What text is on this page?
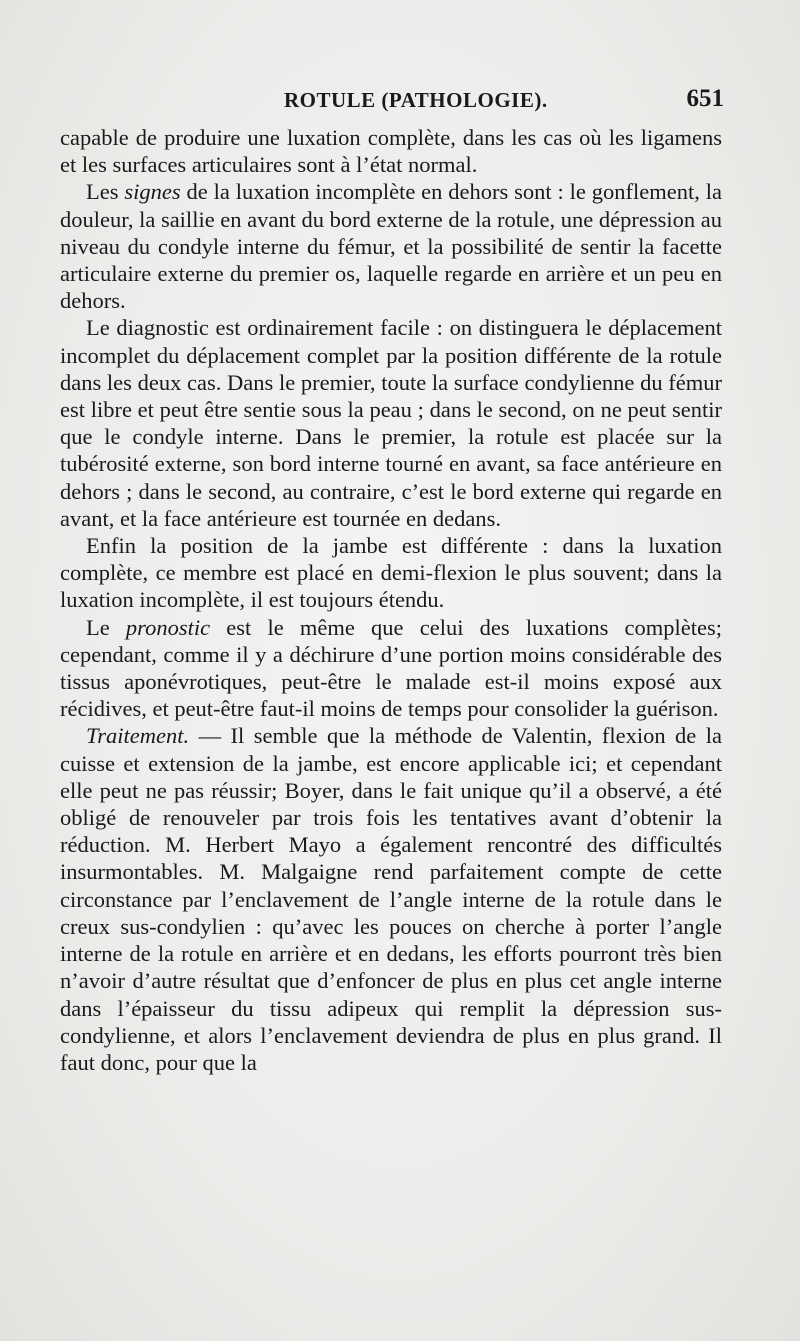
ROTULE (PATHOLOGIE).	651

capable de produire une luxation complète, dans les cas où les ligamens et les surfaces articulaires sont à l’état normal.

Les signes de la luxation incomplète en dehors sont : le gonflement, la douleur, la saillie en avant du bord externe de la rotule, une dépression au niveau du condyle interne du fémur, et la possibilité de sentir la facette articulaire externe du premier os, laquelle regarde en arrière et un peu en dehors.

Le diagnostic est ordinairement facile : on distinguera le déplacement incomplet du déplacement complet par la position différente de la rotule dans les deux cas. Dans le premier, toute la surface condylienne du fémur est libre et peut être sentie sous la peau ; dans le second, on ne peut sentir que le condyle interne. Dans le premier, la rotule est placée sur la tubérosité externe, son bord interne tourné en avant, sa face antérieure en dehors ; dans le second, au contraire, c’est le bord externe qui regarde en avant, et la face antérieure est tournée en dedans.

Enfin la position de la jambe est différente : dans la luxation complète, ce membre est placé en demi-flexion le plus souvent; dans la luxation incomplète, il est toujours étendu.

Le pronostic est le même que celui des luxations complètes; cependant, comme il y a déchirure d’une portion moins considérable des tissus aponévrotiques, peut-être le malade est-il moins exposé aux récidives, et peut-être faut-il moins de temps pour consolider la guérison.

Traitement. — Il semble que la méthode de Valentin, flexion de la cuisse et extension de la jambe, est encore applicable ici; et cependant elle peut ne pas réussir; Boyer, dans le fait unique qu’il a observé, a été obligé de renouveler par trois fois les tentatives avant d’obtenir la réduction. M. Herbert Mayo a également rencontré des difficultés insurmontables. M. Malgaigne rend parfaitement compte de cette circonstance par l’enclavement de l’angle interne de la rotule dans le creux sus-condylien : qu’avec les pouces on cherche à porter l’angle interne de la rotule en arrière et en dedans, les efforts pourront très bien n’avoir d’autre résultat que d’enfoncer de plus en plus cet angle interne dans l’épaisseur du tissu adipeux qui remplit la dépression sus-condylienne, et alors l’enclavement deviendra de plus en plus grand. Il faut donc, pour que la
